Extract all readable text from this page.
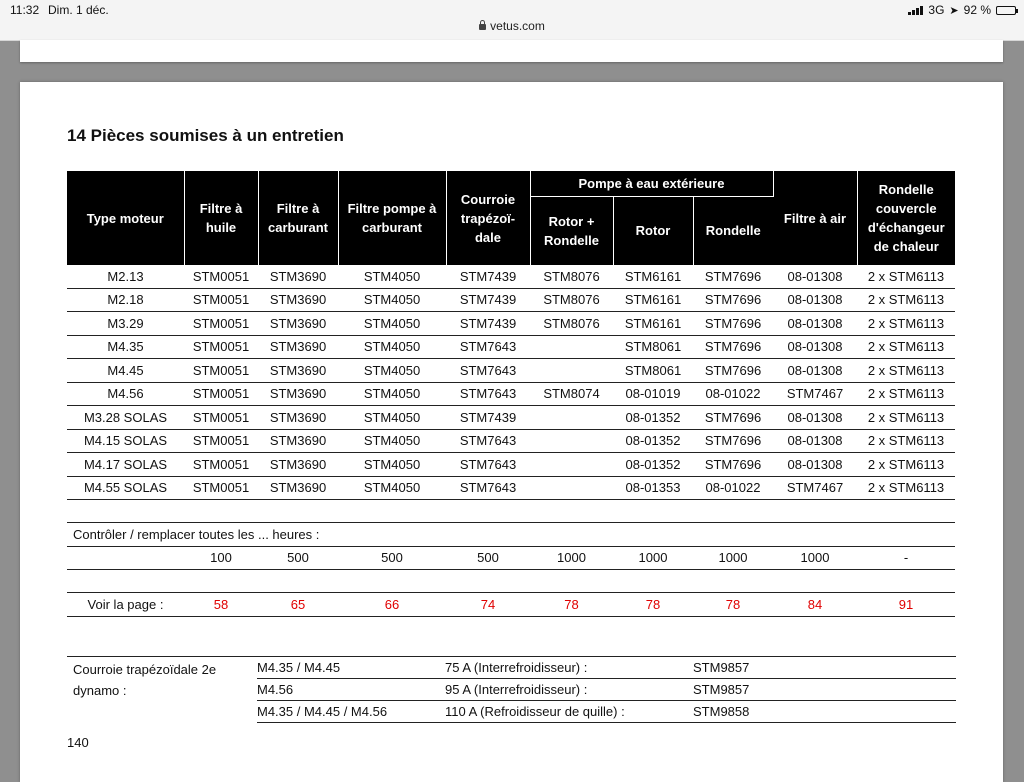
11:32 Dim. 1 déc.
vetus.com
3G ➤ 92 %
14 Pièces soumises à un entretien
Type moteur	Filtre à huile	Filtre à carburant	Filtre pompe à carburant	Courroie trapézoï-dale	Pompe à eau extérieure			Filtre à air	Rondelle couvercle d'échangeur de chaleur
					Rotor + Rondelle	Rotor	Rondelle		
M2.13	STM0051	STM3690	STM4050	STM7439	STM8076	STM6161	STM7696	08-01308	2 x STM6113
M2.18	STM0051	STM3690	STM4050	STM7439	STM8076	STM6161	STM7696	08-01308	2 x STM6113
M3.29	STM0051	STM3690	STM4050	STM7439	STM8076	STM6161	STM7696	08-01308	2 x STM6113
M4.35	STM0051	STM3690	STM4050	STM7643		STM8061	STM7696	08-01308	2 x STM6113
M4.45	STM0051	STM3690	STM4050	STM7643		STM8061	STM7696	08-01308	2 x STM6113
M4.56	STM0051	STM3690	STM4050	STM7643	STM8074	08-01019	08-01022	STM7467	2 x STM6113
M3.28 SOLAS	STM0051	STM3690	STM4050	STM7439		08-01352	STM7696	08-01308	2 x STM6113
M4.15 SOLAS	STM0051	STM3690	STM4050	STM7643		08-01352	STM7696	08-01308	2 x STM6113
M4.17 SOLAS	STM0051	STM3690	STM4050	STM7643		08-01352	STM7696	08-01308	2 x STM6113
M4.55 SOLAS	STM0051	STM3690	STM4050	STM7643		08-01353	08-01022	STM7467	2 x STM6113

Contrôler / remplacer toutes les ... heures :									
	100	500	500	500	1000	1000	1000	1000	-

Voir la page :	58	65	66	74	78	78	78	84	91
Courroie trapézoïdale 2e dynamo :	M4.35 / M4.45	75 A (Interrefroidisseur) :	STM9857
	M4.56	95 A (Interrefroidisseur) :	STM9857
	M4.35 / M4.45 / M4.56	110 A (Refroidisseur de quille) :	STM9858
140
